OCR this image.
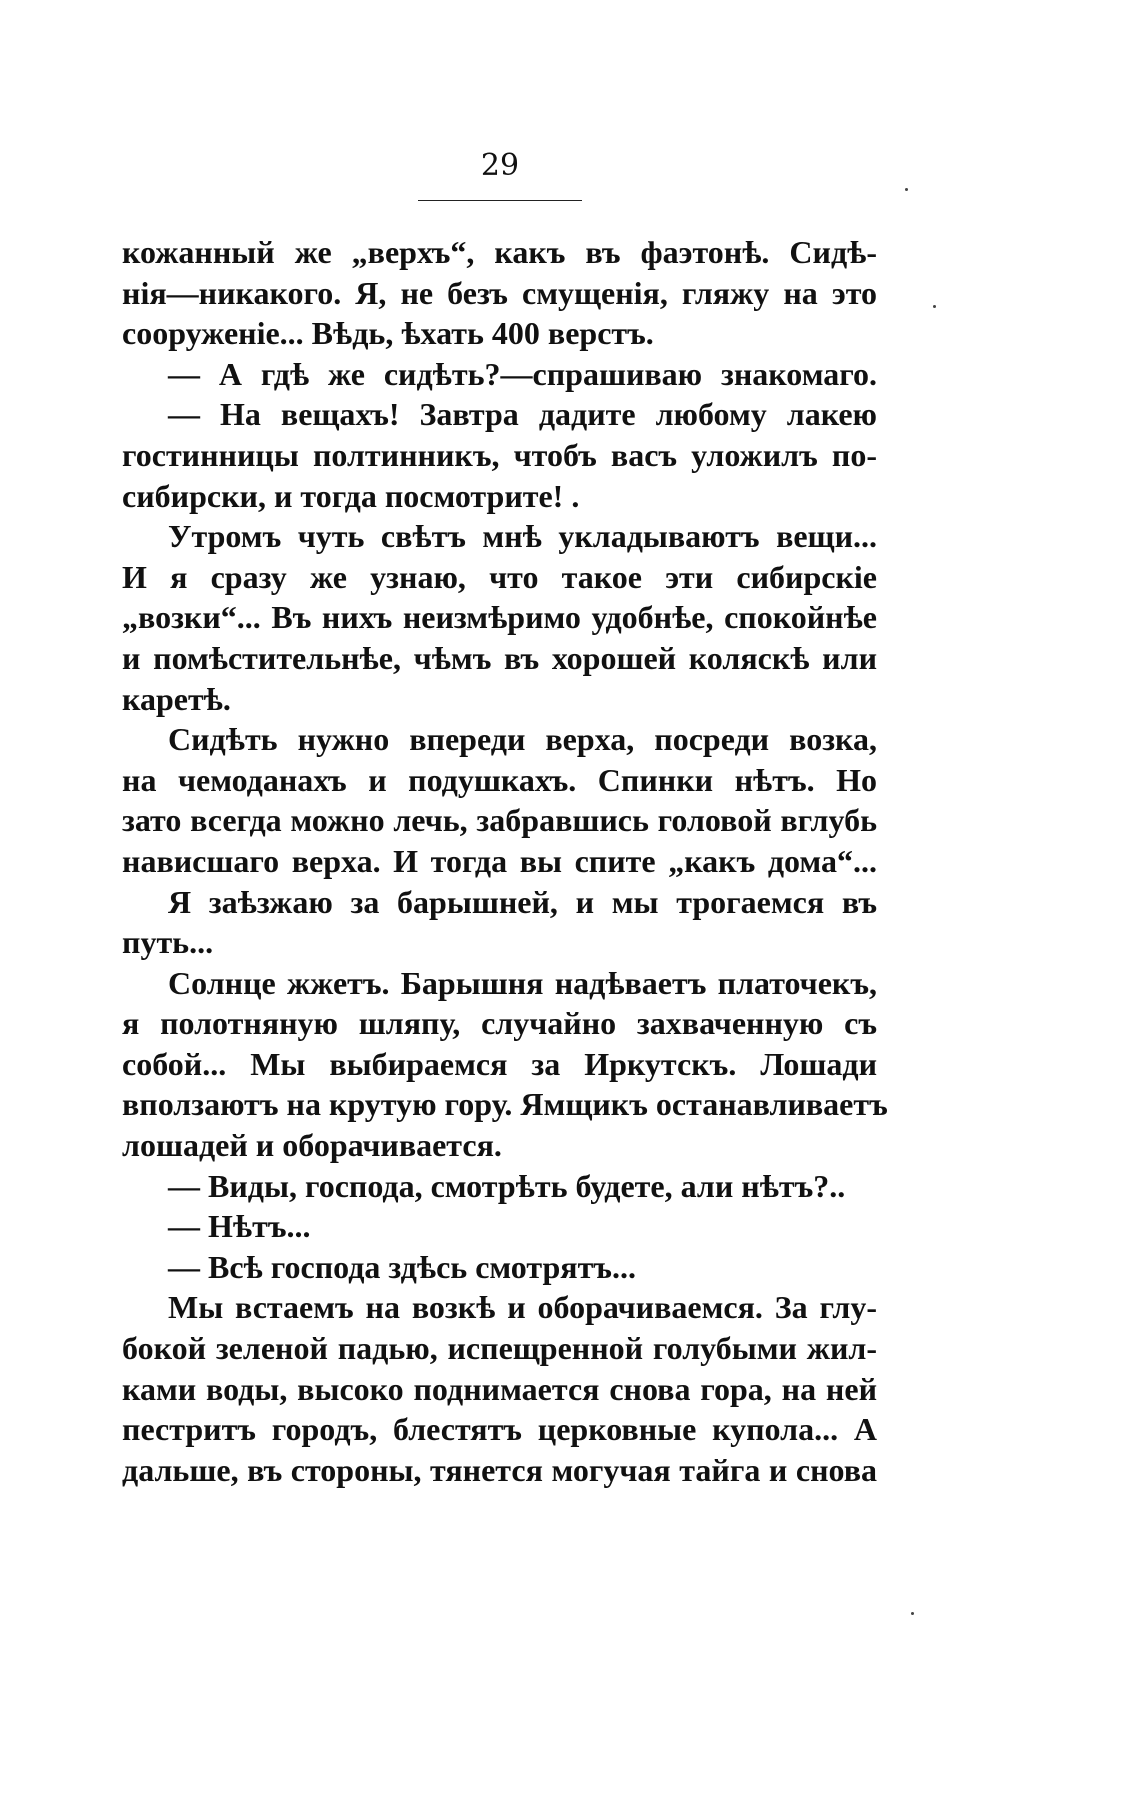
29

кожанный же „верхъ“, какъ въ фаэтонѣ. Сидѣ-
нія—никакого. Я, не безъ смущенія, гляжу на это
сооруженіе... Вѣдь, ѣхать 400 верстъ.
— А гдѣ же сидѣть?—спрашиваю знакомаго.
— На вещахъ! Завтра дадите любому лакею
гостинницы полтинникъ, чтобъ васъ уложилъ по-
сибирски, и тогда посмотрите! .
Утромъ чуть свѣтъ мнѣ укладываютъ вещи...
И я сразу же узнаю, что такое эти сибирскіе
„возки“... Въ нихъ неизмѣримо удобнѣе, спокойнѣе
и помѣстительнѣе, чѣмъ въ хорошей коляскѣ или
каретѣ.
Сидѣть нужно впереди верха, посреди возка,
на чемоданахъ и подушкахъ. Спинки нѣтъ. Но
зато всегда можно лечь, забравшись головой вглубь
нависшаго верха. И тогда вы спите „какъ дома“...
Я заѣзжаю за барышней, и мы трогаемся въ
путь...
Солнце жжетъ. Барышня надѣваетъ платочекъ,
я полотняную шляпу, случайно захваченную съ
собой... Мы выбираемся за Иркутскъ. Лошади
вползаютъ на крутую гору. Ямщикъ останавливаетъ
лошадей и оборачивается.
— Виды, господа, смотрѣть будете, али нѣтъ?..
— Нѣтъ...
— Всѣ господа здѣсь смотрятъ...
Мы встаемъ на возкѣ и оборачиваемся. За глу-
бокой зеленой падью, испещренной голубыми жил-
ками воды, высоко поднимается снова гора, на ней
пестритъ городъ, блестятъ церковные купола... А
дальше, въ стороны, тянется могучая тайга и снова
